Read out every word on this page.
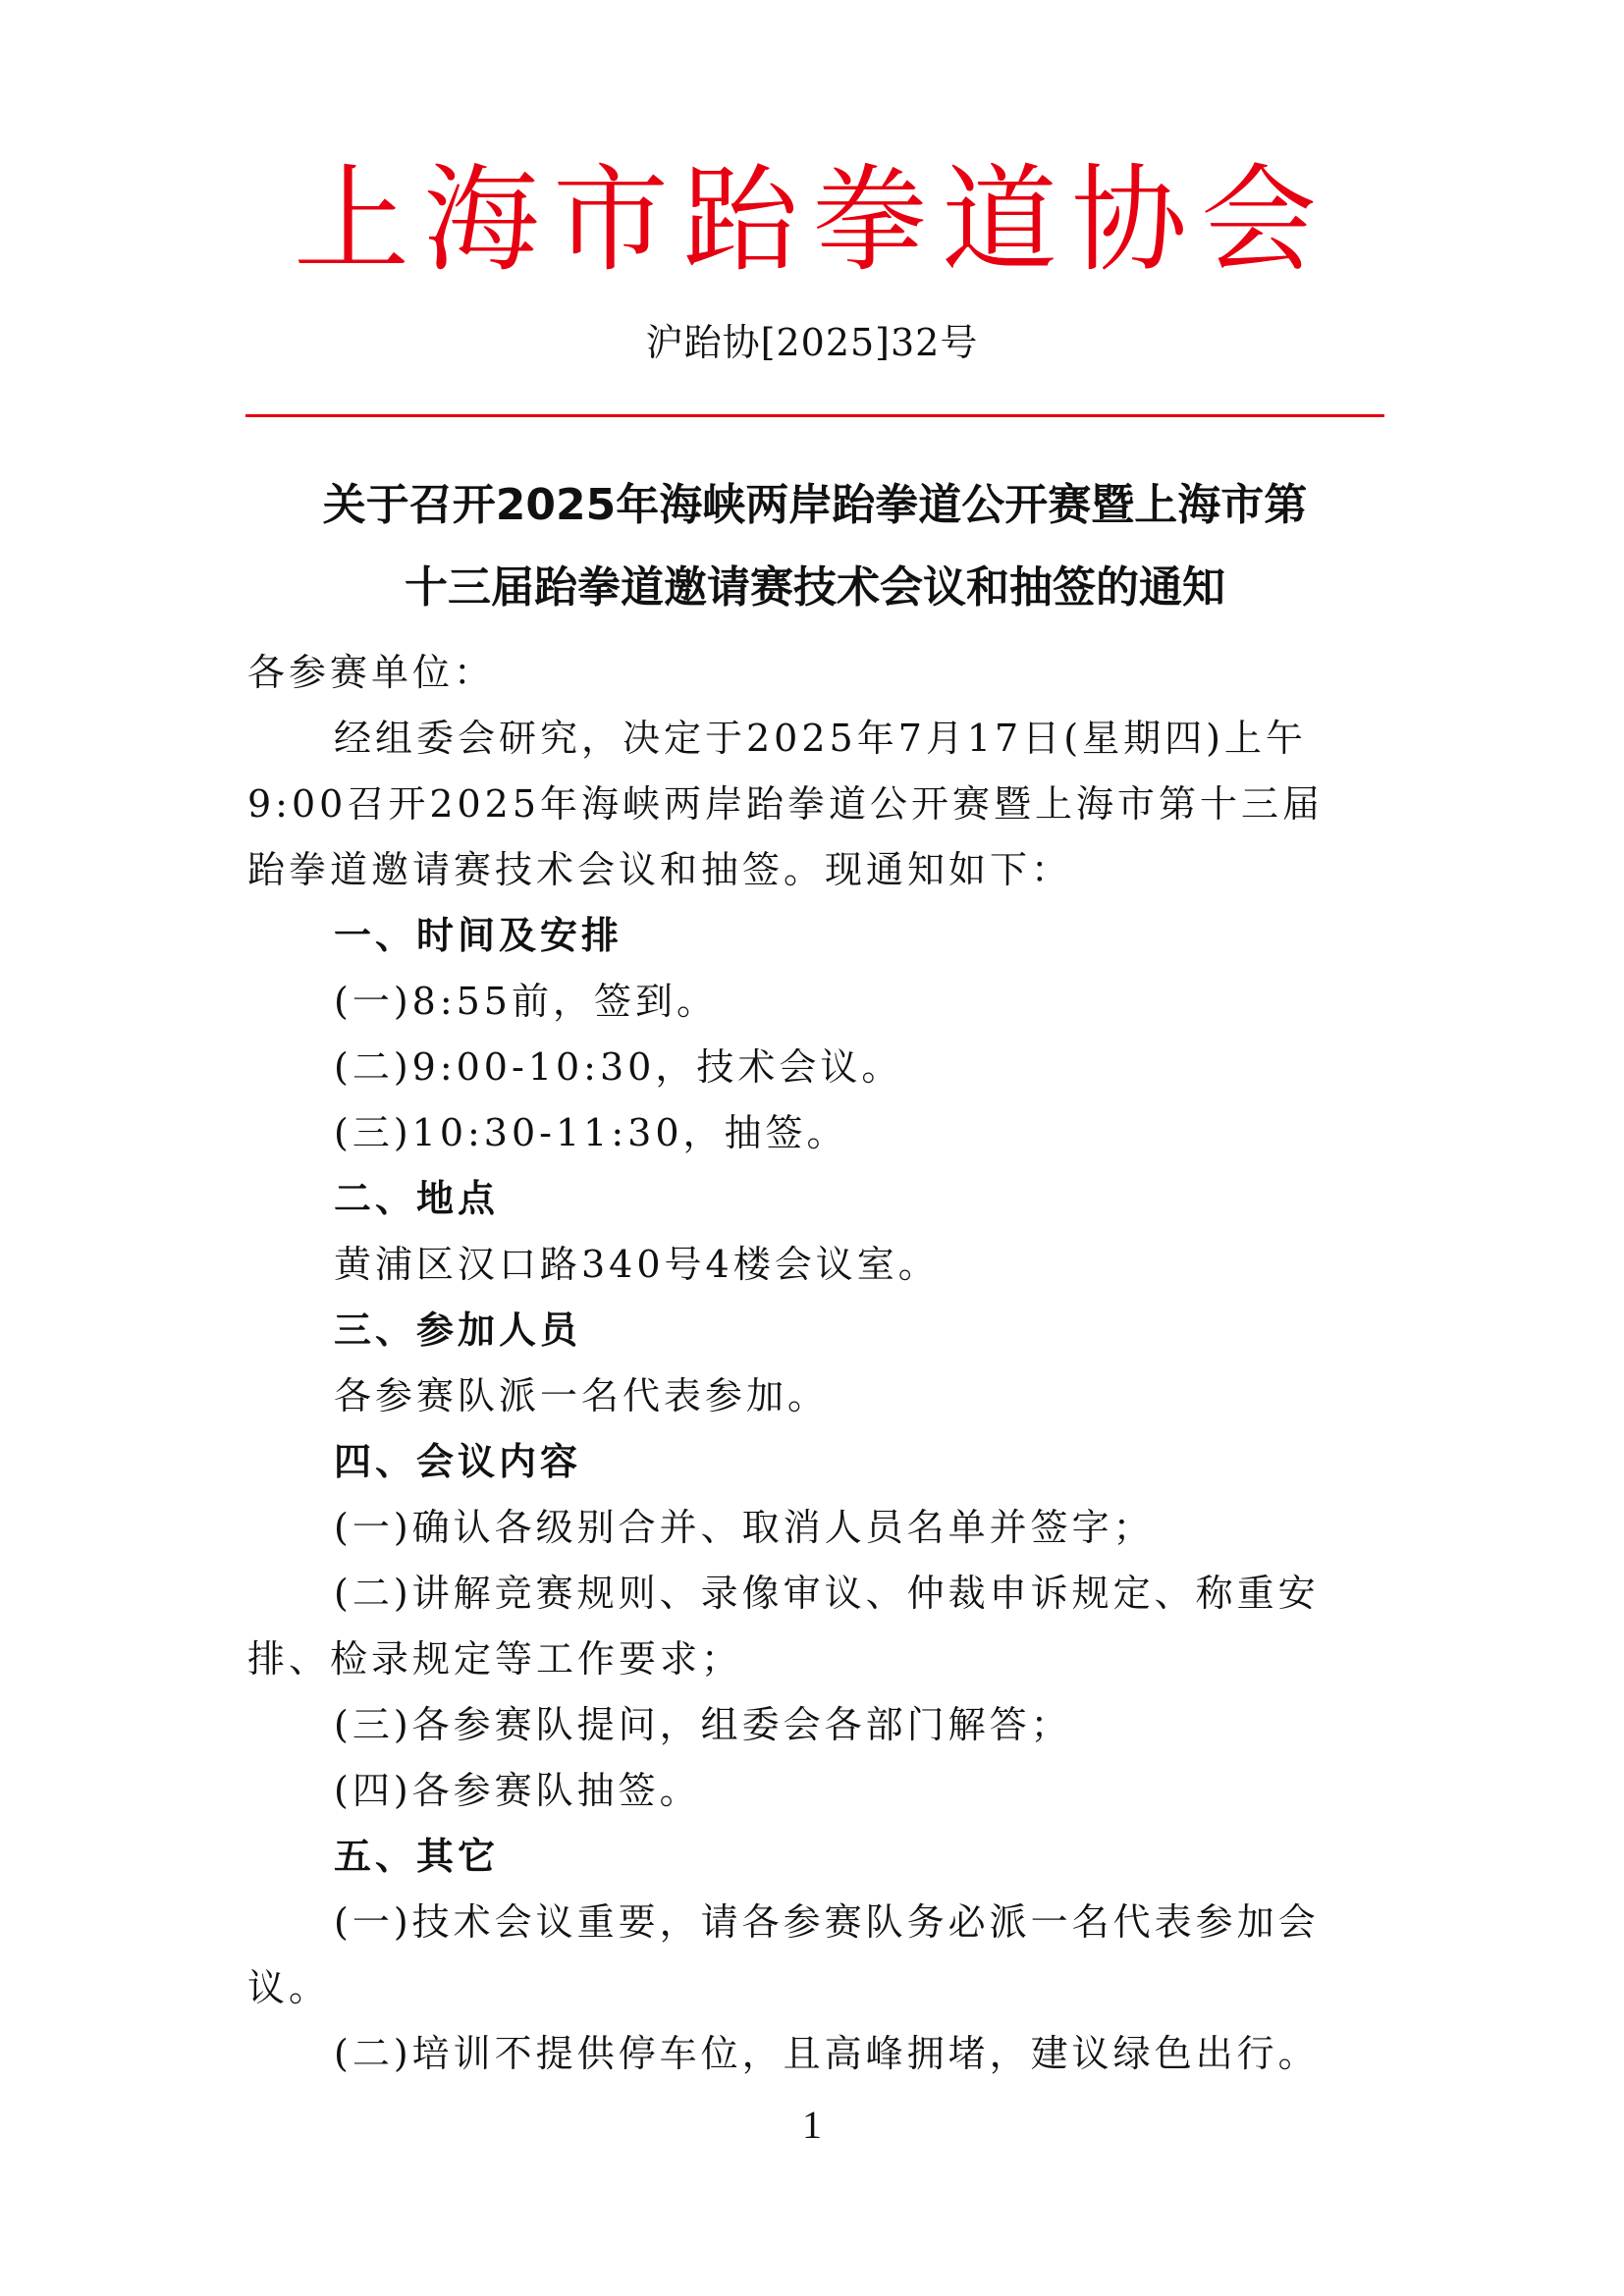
上海市跆拳道协会
沪跆协[2025]32号
关于召开2025年海峡两岸跆拳道公开赛暨上海市第
十三届跆拳道邀请赛技术会议和抽签的通知

各参赛单位：

经组委会研究，决定于2025年7月17日(星期四)上午

9:00召开2025年海峡两岸跆拳道公开赛暨上海市第十三届

跆拳道邀请赛技术会议和抽签。现通知如下：

一、时间及安排

(一)8:55前，签到。

(二)9:00-10:30，技术会议。

(三)10:30-11:30，抽签。

二、地点

黄浦区汉口路340号4楼会议室。

三、参加人员

各参赛队派一名代表参加。

四、会议内容

(一)确认各级别合并、取消人员名单并签字；

(二)讲解竞赛规则、录像审议、仲裁申诉规定、称重安

排、检录规定等工作要求；

(三)各参赛队提问，组委会各部门解答；

(四)各参赛队抽签。

五、其它

(一)技术会议重要，请各参赛队务必派一名代表参加会

议。

(二)培训不提供停车位，且高峰拥堵，建议绿色出行。

1
